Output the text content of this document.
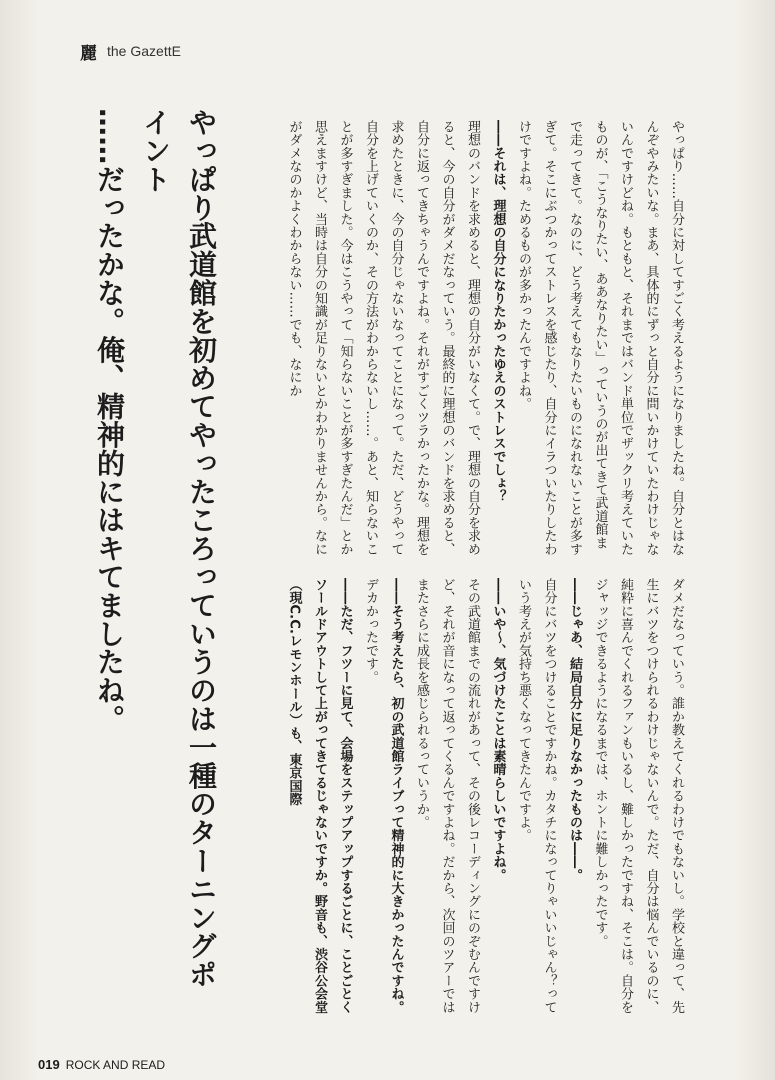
麗 the GazettE
やっぱり武道館を初めてやったころっていうのは一種のターニングポイント
……だったかな。俺、精神的にはキてましたね。	やっぱり……自分に対してすごく考えるようになりましたね。自分とはなんぞやみたいな。まあ、具体的にずっと自分に問いかけていたわけじゃないんですけどね。もともと、それまではバンド単位でザックリ考えていたものが、「こうなりたい、ああなりたい」っていうのが出てきて武道館まで走ってきて。なのに、どう考えてもなりたいものになれないことが多すぎて。そこにぶつかってストレスを感じたり、自分にイラついたりしたわけですよね。ためるものが多かったんですよね。
――それは、理想の自分になりたかったゆえのストレスでしょ？
理想のバンドを求めると、理想の自分がいなくて。で、理想の自分を求めると、今の自分がダメだなっていう。最終的に理想のバンドを求めると、自分に返ってきちゃうんですよね。それがすごくツラかったかな。理想を求めたときに、今の自分じゃないなってことになって。ただ、どうやって自分を上げていくのか、その方法がわからないし……。あと、知らないことが多すぎました。今はこうやって「知らないことが多すぎたんだ」とか思えますけど、当時は自分の知識が足りないとかわかりませんから。なにがダメなのかよくわからない……でも、なにか
ダメだなっていう。誰か教えてくれるわけでもないし。学校と違って、先生にバツをつけられるわけじゃないんで。ただ、自分は悩んでいるのに、純粋に喜んでくれるファンもいるし、難しかったですね、そこは。自分をジャッジできるようになるまでは、ホントに難しかったです。
――じゃあ、結局自分に足りなかったものは――。
自分にバツをつけることですかね。カタチになってりゃいいじゃん？っていう考えが気持ち悪くなってきたんですよ。
――いや～、気づけたことは素晴らしいですよね。
その武道館までの流れがあって、その後レコーディングにのぞむんですけど、それが音になって返ってくるんですよね。だから、次回のツアーではまたさらに成長を感じられるっていうか。
――そう考えたら、初の武道館ライブって精神的に大きかったんですね。
デカかったです。
――ただ、フツーに見て、会場をステップアップするごとに、ことごとくソールドアウトして上がってきてるじゃないですか。野音も、渋谷公会堂（現C.C.レモンホール）も、東京国際
019 ROCK AND READ
